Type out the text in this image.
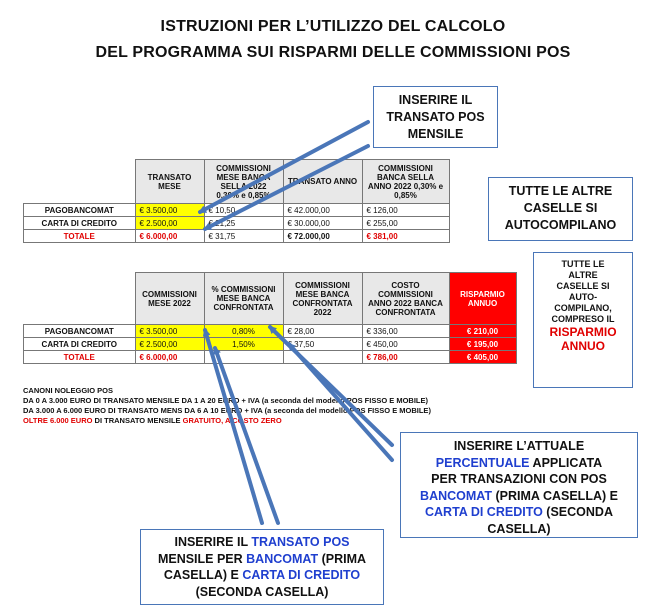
ISTRUZIONI PER L’UTILIZZO DEL CALCOLO
DEL PROGRAMMA SUI RISPARMI DELLE COMMISSIONI POS
	TRANSATO MESE	COMMISSIONI MESE BANCA SELLA 2022 0,30% e 0,85%	TRANSATO ANNO	COMMISSIONI BANCA SELLA ANNO 2022 0,30% e 0,85%
PAGOBANCOMAT	€ 3.500,00	€ 10,50	€ 42.000,00	€ 126,00
CARTA DI CREDITO	€ 2.500,00	€ 21,25	€ 30.000,00	€ 255,00
TOTALE	€ 6.000,00	€ 31,75	€ 72.000,00	€ 381,00
	COMMISSIONI MESE 2022	% COMMISSIONI MESE BANCA CONFRONTATA	COMMISSIONI MESE BANCA CONFRONTATA 2022	COSTO COMMISSIONI ANNO 2022 BANCA CONFRONTATA	RISPARMIO ANNUO
PAGOBANCOMAT	€ 3.500,00	0,80%	€ 28,00	€ 336,00	€ 210,00
CARTA DI CREDITO	€ 2.500,00	1,50%	€ 37,50	€ 450,00	€ 195,00
TOTALE	€ 6.000,00			€ 786,00	€ 405,00
CANONI NOLEGGIO POS
DA 0 A 3.000 EURO DI TRANSATO MENSILE DA 1 A 20 EURO + IVA (a seconda del modello POS FISSO E MOBILE)
DA 3.000 A 6.000 EURO DI TRANSATO MENS DA 6 A 10 EURO + IVA (a seconda del modello POS FISSO E MOBILE)
OLTRE 6.000 EURO DI TRANSATO MENSILE GRATUITO, A COSTO ZERO
INSERIRE IL
TRANSATO POS
MENSILE
TUTTE LE ALTRE
CASELLE SI
AUTOCOMPILANO
TUTTE LE
ALTRE
CASELLE SI
AUTO-
COMPILANO,
COMPRESO IL
RISPARMIO
ANNUO
INSERIRE L’ATTUALE
PERCENTUALE APPLICATA
PER TRANSAZIONI CON POS
BANCOMAT (PRIMA CASELLA) E
CARTA DI CREDITO (SECONDA
CASELLA)
INSERIRE IL TRANSATO POS
MENSILE PER BANCOMAT (PRIMA
CASELLA) E CARTA DI CREDITO
(SECONDA CASELLA)
